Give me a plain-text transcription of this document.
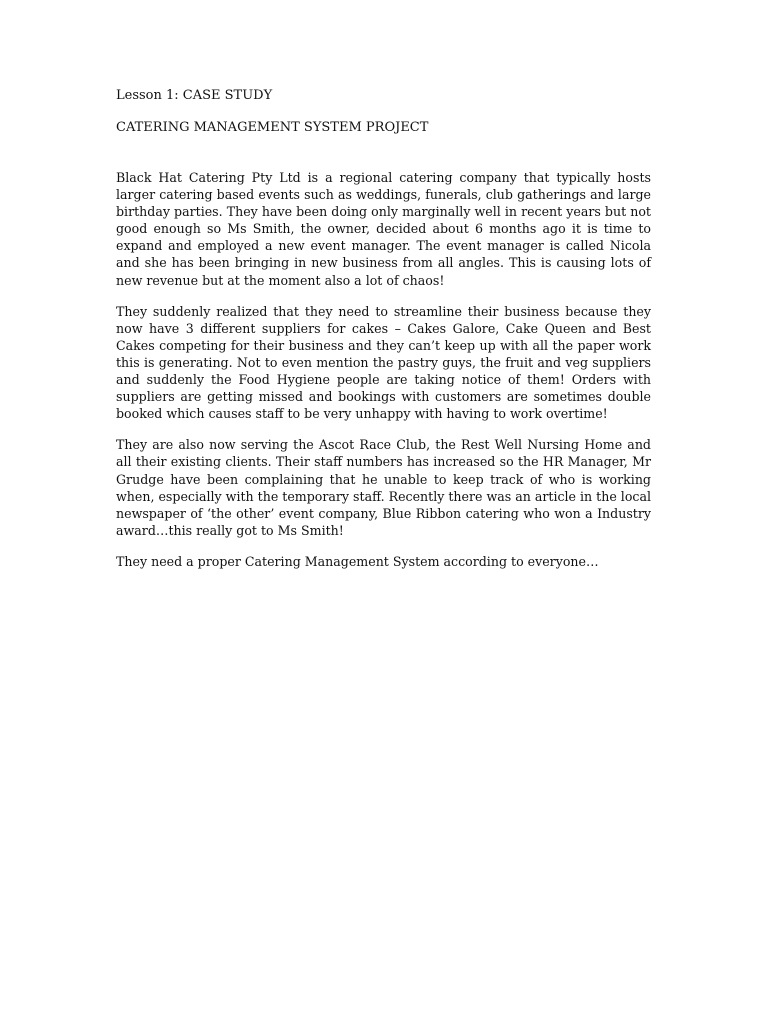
Lesson 1: CASE STUDY
CATERING MANAGEMENT SYSTEM PROJECT

Black Hat Catering Pty Ltd is a regional catering company that typically hosts larger catering based events such as weddings, funerals, club gatherings and large birthday parties. They have been doing only marginally well in recent years but not good enough so Ms Smith, the owner, decided about 6 months ago it is time to expand and employed a new event manager. The event manager is called Nicola and she has been bringing in new business from all angles. This is causing lots of new revenue but at the moment also a lot of chaos!

They suddenly realized that they need to streamline their business because they now have 3 different suppliers for cakes – Cakes Galore, Cake Queen and Best Cakes competing for their business and they can’t keep up with all the paper work this is generating. Not to even mention the pastry guys, the fruit and veg suppliers and suddenly the Food Hygiene people are taking notice of them! Orders with suppliers are getting missed and bookings with customers are sometimes double booked which causes staff to be very unhappy with having to work overtime!

They are also now serving the Ascot Race Club, the Rest Well Nursing Home and all their existing clients. Their staff numbers has increased so the HR Manager, Mr Grudge have been complaining that he unable to keep track of who is working when, especially with the temporary staff. Recently there was an article in the local newspaper of ‘the other’ event company, Blue Ribbon catering who won a Industry award…this really got to Ms Smith!

They need a proper Catering Management System according to everyone…
